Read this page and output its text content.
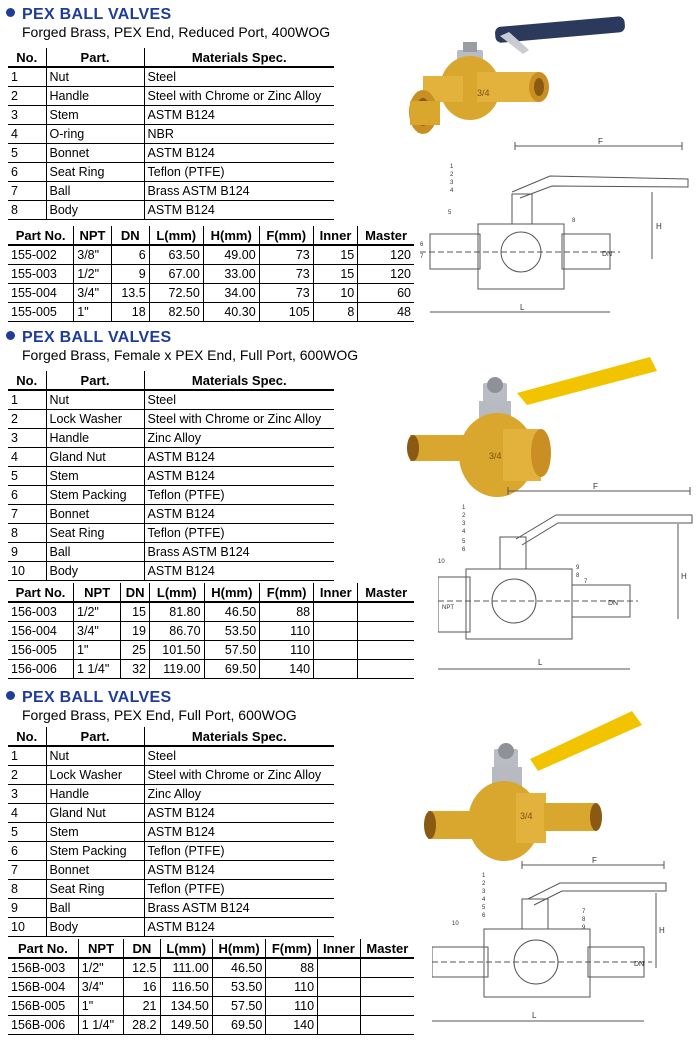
PEX BALL VALVES
Forged Brass, PEX End, Reduced Port, 400WOG
No.	Part.	Materials Spec.
1	Nut	Steel
2	Handle	Steel with Chrome or Zinc Alloy
3	Stem	ASTM B124
4	O-ring	NBR
5	Bonnet	ASTM B124
6	Seat Ring	Teflon (PTFE)
7	Ball	Brass ASTM B124
8	Body	ASTM B124
Part No.	NPT	DN	L(mm)	H(mm)	F(mm)	Inner	Master
155-002	3/8"	6	63.50	49.00	73	15	120
155-003	1/2"	9	67.00	33.00	73	15	120
155-004	3/4"	13.5	72.50	34.00	73	10	60
155-005	1"	18	82.50	40.30	105	8	48
3/4
F
H
L
DN
1
2
3
4
5
8
6
7
PEX BALL VALVES
Forged Brass, Female x PEX End, Full Port, 600WOG
No.	Part.	Materials Spec.
1	Nut	Steel
2	Lock Washer	Steel with Chrome or Zinc Alloy
3	Handle	Zinc Alloy
4	Gland Nut	ASTM B124
5	Stem	ASTM B124
6	Stem Packing	Teflon (PTFE)
7	Bonnet	ASTM B124
8	Seat Ring	Teflon (PTFE)
9	Ball	Brass ASTM B124
10	Body	ASTM B124
Part No.	NPT	DN	L(mm)	H(mm)	F(mm)	Inner	Master
156-003	1/2"	15	81.80	46.50	88		
156-004	3/4"	19	86.70	53.50	110		
156-005	1"	25	101.50	57.50	110		
156-006	1 1/4"	32	119.00	69.50	140		
3/4
F
H
L
NPT
DN
1
2
3
4
5
6
10
9
8
7
PEX BALL VALVES
Forged Brass, PEX End, Full Port, 600WOG
No.	Part.	Materials Spec.
1	Nut	Steel
2	Lock Washer	Steel with Chrome or Zinc Alloy
3	Handle	Zinc Alloy
4	Gland Nut	ASTM B124
5	Stem	ASTM B124
6	Stem Packing	Teflon (PTFE)
7	Bonnet	ASTM B124
8	Seat Ring	Teflon (PTFE)
9	Ball	Brass ASTM B124
10	Body	ASTM B124
Part No.	NPT	DN	L(mm)	H(mm)	F(mm)	Inner	Master
156B-003	1/2"	12.5	111.00	46.50	88		
156B-004	3/4"	16	116.50	53.50	110		
156B-005	1"	21	134.50	57.50	110		
156B-006	1 1/4"	28.2	149.50	69.50	140		
3/4
F
H
L
DN
1
2
3
4
5
6
10
7
8
9
